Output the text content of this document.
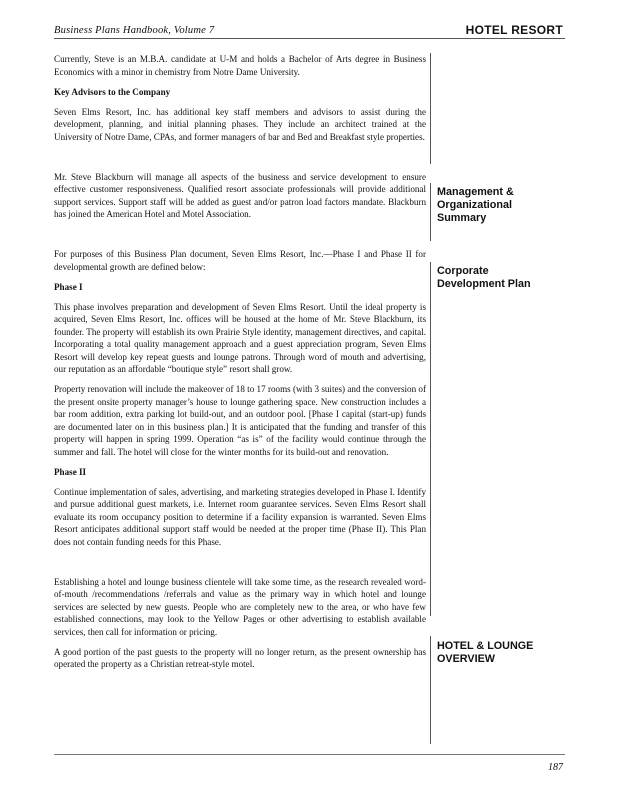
Business Plans Handbook, Volume 7	HOTEL RESORT

Currently, Steve is an M.B.A. candidate at U-M and holds a Bachelor of Arts degree in Business Economics with a minor in chemistry from Notre Dame University.

Key Advisors to the Company

Seven Elms Resort, Inc. has additional key staff members and advisors to assist during the development, planning, and initial planning phases. They include an architect trained at the University of Notre Dame, CPAs, and former managers of bar and Bed and Breakfast style properties.

Mr. Steve Blackburn will manage all aspects of the business and service development to ensure effective customer responsiveness. Qualified resort associate professionals will provide additional support services. Support staff will be added as guest and/or patron load factors mandate. Blackburn has joined the American Hotel and Motel Association.

For purposes of this Business Plan document, Seven Elms Resort, Inc.—Phase I and Phase II for developmental growth are defined below:

Phase I

This phase involves preparation and development of Seven Elms Resort. Until the ideal property is acquired, Seven Elms Resort, Inc. offices will be housed at the home of Mr. Steve Blackburn, its founder. The property will establish its own Prairie Style identity, management directives, and capital. Incorporating a total quality management approach and a guest appreciation program, Seven Elms Resort will develop key repeat guests and lounge patrons. Through word of mouth and advertising, our reputation as an affordable “boutique style” resort shall grow.

Property renovation will include the makeover of 18 to 17 rooms (with 3 suites) and the conversion of the present onsite property manager’s house to lounge gathering space. New construction includes a bar room addition, extra parking lot build-out, and an outdoor pool. [Phase I capital (start-up) funds are documented later on in this business plan.] It is anticipated that the funding and transfer of this property will happen in spring 1999. Operation “as is” of the facility would continue through the summer and fall. The hotel will close for the winter months for its build-out and renovation.

Phase II

Continue implementation of sales, advertising, and marketing strategies developed in Phase I. Identify and pursue additional guest markets, i.e. Internet room guarantee services. Seven Elms Resort shall evaluate its room occupancy position to determine if a facility expansion is warranted. Seven Elms Resort anticipates additional support staff would be needed at the proper time (Phase II). This Plan does not contain funding needs for this Phase.

Establishing a hotel and lounge business clientele will take some time, as the research revealed word-of-mouth /recommendations /referrals and value as the primary way in which hotel and lounge services are selected by new guests. People who are completely new to the area, or who have few established connections, may look to the Yellow Pages or other advertising to establish available services, then call for information or pricing.

A good portion of the past guests to the property will no longer return, as the present ownership has operated the property as a Christian retreat-style motel.

Management & Organizational Summary
Corporate Development Plan
HOTEL & LOUNGE OVERVIEW
187
